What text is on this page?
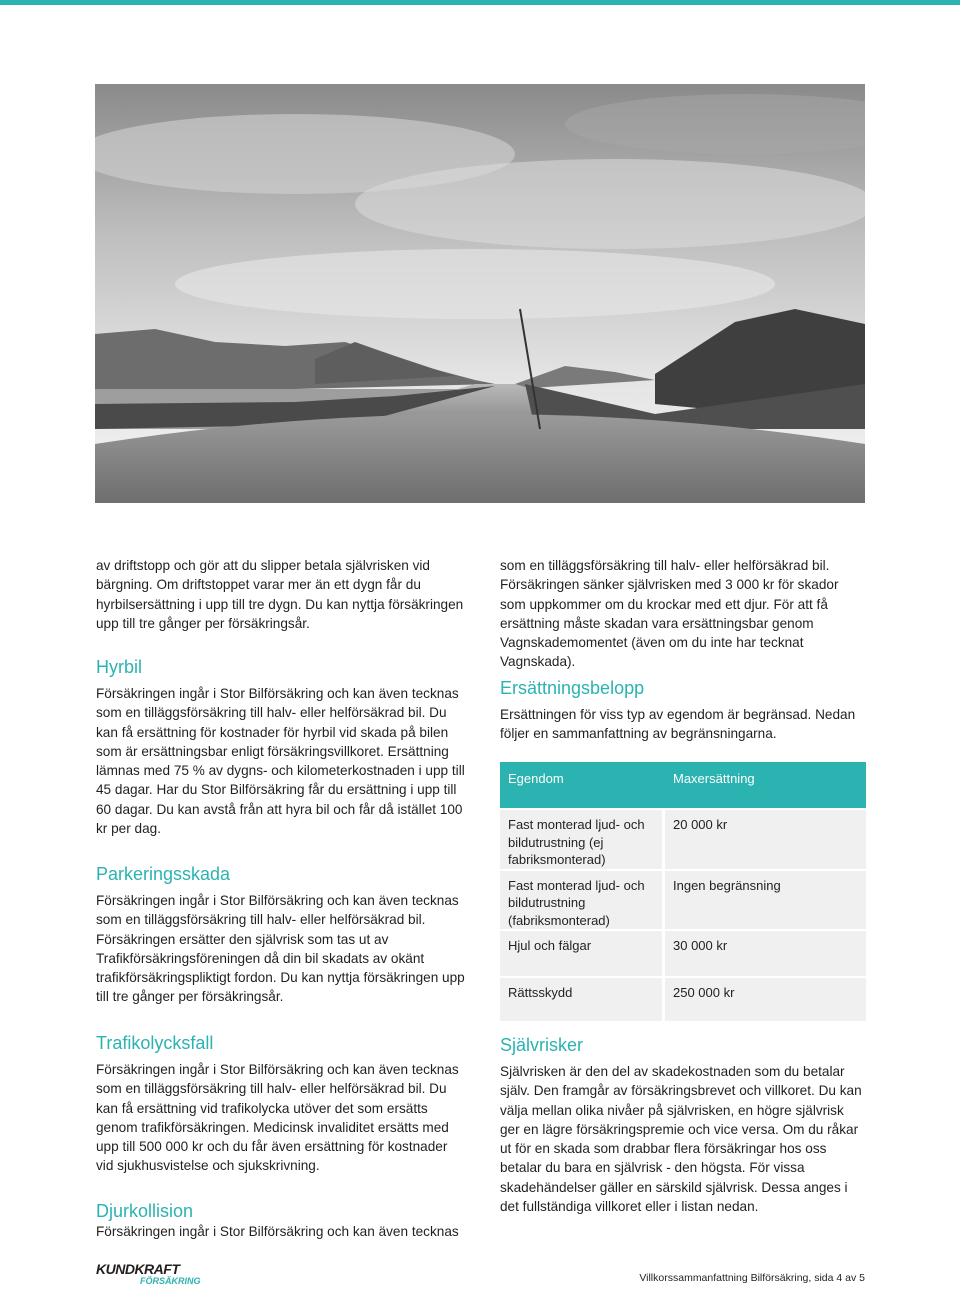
av driftstopp och gör att du slipper betala självrisken vid bärgning. Om driftstoppet varar mer än ett dygn får du hyrbilsersättning i upp till tre dygn. Du kan nyttja försäkringen upp till tre gånger per försäkringsår.

Hyrbil

Försäkringen ingår i Stor Bilförsäkring och kan även tecknas som en tilläggsförsäkring till halv- eller helförsäkrad bil. Du kan få ersättning för kostnader för hyrbil vid skada på bilen som är ersättningsbar enligt försäkringsvillkoret. Ersättning lämnas med 75 % av dygns- och kilometerkostnaden i upp till 45 dagar. Har du Stor Bilförsäkring får du ersättning i upp till 60 dagar. Du kan avstå från att hyra bil och får då istället 100 kr per dag.

Parkeringsskada

Försäkringen ingår i Stor Bilförsäkring och kan även tecknas som en tilläggsförsäkring till halv- eller helförsäkrad bil. Försäkringen ersätter den självrisk som tas ut av Trafikförsäkringsföreningen då din bil skadats av okänt trafikförsäkringspliktigt fordon. Du kan nyttja försäkringen upp till tre gånger per försäkringsår.

Trafikolycksfall

Försäkringen ingår i Stor Bilförsäkring och kan även tecknas som en tilläggsförsäkring till halv- eller helförsäkrad bil. Du kan få ersättning vid trafikolycka utöver det som ersätts genom trafikförsäkringen. Medicinsk invaliditet ersätts med upp till 500 000 kr och du får även ersättning för kostnader vid sjukhusvistelse och sjukskrivning.

Djurkollision

Försäkringen ingår i Stor Bilförsäkring och kan även tecknas

som en tilläggsförsäkring till halv- eller helförsäkrad bil. Försäkringen sänker självrisken med 3 000 kr för skador som uppkommer om du krockar med ett djur. För att få ersättning måste skadan vara ersättningsbar genom Vagnskademomentet (även om du inte har tecknat Vagnskada).

Ersättningsbelopp

Ersättningen för viss typ av egendom är begränsad. Nedan följer en sammanfattning av begränsningarna.

Egendom	Maxersättning
Fast monterad ljud- och bildutrustning (ej fabriksmonterad)	20 000 kr
Fast monterad ljud- och bildutrustning (fabriksmonterad)	Ingen begränsning
Hjul och fälgar	30 000 kr
Rättsskydd	250 000 kr
Självrisker

Självrisken är den del av skadekostnaden som du betalar själv. Den framgår av försäkringsbrevet och villkoret. Du kan välja mellan olika nivåer på självrisken, en högre självrisk ger en lägre försäkringspremie och vice versa. Om du råkar ut för en skada som drabbar flera försäkringar hos oss betalar du bara en självrisk - den högsta. För vissa skadehändelser gäller en särskild självrisk. Dessa anges i det fullständiga villkoret eller i listan nedan.

KUNDKRAFT
FÖRSÄKRING	Villkorssammanfattning Bilförsäkring, sida 4 av 5
